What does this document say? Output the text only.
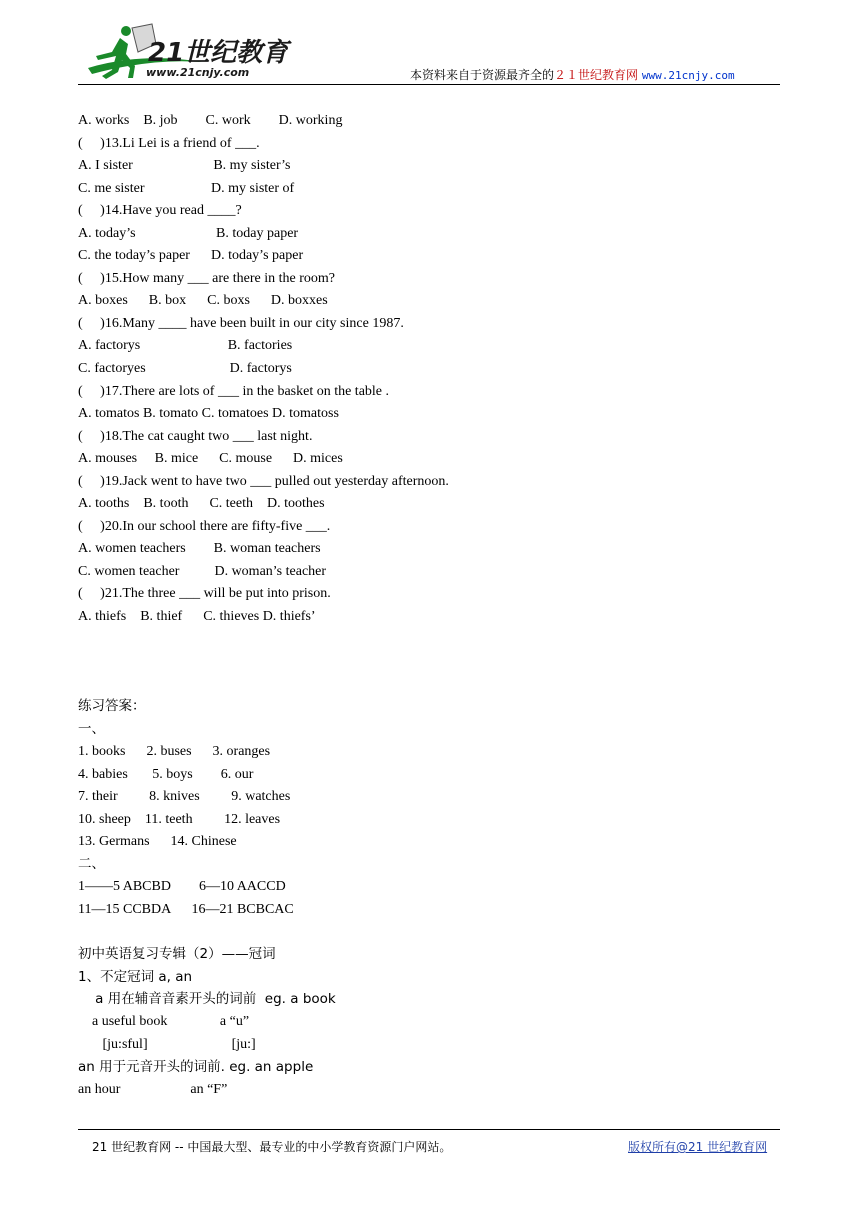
21世纪教育
www.21cnjy.com	本资料来自于资源最齐全的２１世纪教育网 www.21cnjy.com
A. works    B. job        C. work        D. working
(     )13.Li Lei is a friend of ___.
A. I sister                       B. my sister’s
C. me sister                   D. my sister of
(     )14.Have you read ____?
A. today’s                       B. today paper
C. the today’s paper      D. today’s paper
(     )15.How many ___ are there in the room?
A. boxes      B. box      C. boxs      D. boxxes
(     )16.Many ____ have been built in our city since 1987.
A. factorys                         B. factories
C. factoryes                        D. factorys
(     )17.There are lots of ___ in the basket on the table .
A. tomatos B. tomato C. tomatoes D. tomatoss
(     )18.The cat caught two ___ last night.
A. mouses     B. mice      C. mouse      D. mices
(     )19.Jack went to have two ___ pulled out yesterday afternoon.
A. tooths    B. tooth      C. teeth    D. toothes
(     )20.In our school there are fifty-five ___.
A. women teachers        B. woman teachers
C. women teacher          D. woman’s teacher
(     )21.The three ___ will be put into prison.
A. thiefs    B. thief      C. thieves D. thiefs’
练习答案：
一、
1. books      2. buses      3. oranges
4. babies       5. boys        6. our
7. their         8. knives         9. watches
10. sheep    11. teeth         12. leaves
13. Germans      14. Chinese
二、
1——5 ABCBD        6—10 AACCD
11—15 CCBDA      16—21 BCBCAC
初中英语复习专辑（2）——冠词
1、不定冠词 a, an
a 用在辅音音素开头的词前  eg. a book
a useful book               a “u”
[ju:sful]                        [ju:]
an 用于元音开头的词前. eg. an apple
an hour                    an “F”
21 世纪教育网 -- 中国最大型、最专业的中小学教育资源门户网站。	版权所有@21 世纪教育网
